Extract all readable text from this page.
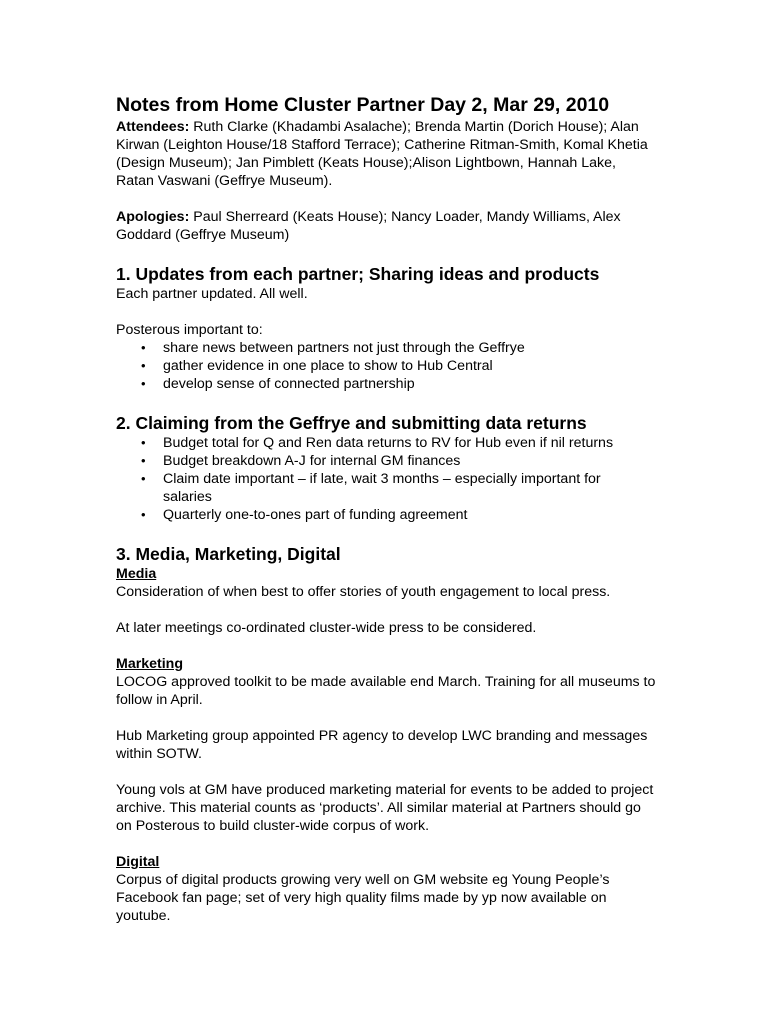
Notes from Home Cluster Partner Day 2, Mar 29, 2010

Attendees: Ruth Clarke (Khadambi Asalache); Brenda Martin (Dorich House); Alan Kirwan (Leighton House/18 Stafford Terrace); Catherine Ritman-Smith, Komal Khetia (Design Museum); Jan Pimblett (Keats House);Alison Lightbown, Hannah Lake, Ratan Vaswani (Geffrye Museum).

Apologies: Paul Sherreard (Keats House); Nancy Loader, Mandy Williams, Alex Goddard (Geffrye Museum)

1. Updates from each partner; Sharing ideas and products

Each partner updated. All well.

Posterous important to:

• share news between partners not just through the Geffrye
• gather evidence in one place to show to Hub Central
• develop sense of connected partnership
2. Claiming from the Geffrye and submitting data returns
• Budget total for Q and Ren data returns to RV for Hub even if nil returns
• Budget breakdown A-J for internal GM finances
• Claim date important – if late, wait 3 months – especially important for salaries
• Quarterly one-to-ones part of funding agreement
3. Media, Marketing, Digital

Media

Consideration of when best to offer stories of youth engagement to local press.

At later meetings co-ordinated cluster-wide press to be considered.

Marketing

LOCOG approved toolkit to be made available end March. Training for all museums to follow in April.

Hub Marketing group appointed PR agency to develop LWC branding and messages within SOTW.

Young vols at GM have produced marketing material for events to be added to project archive. This material counts as ‘products’. All similar material at Partners should go on Posterous to build cluster-wide corpus of work.

Digital

Corpus of digital products growing very well on GM website eg Young People’s Facebook fan page; set of very high quality films made by yp now available on youtube.
